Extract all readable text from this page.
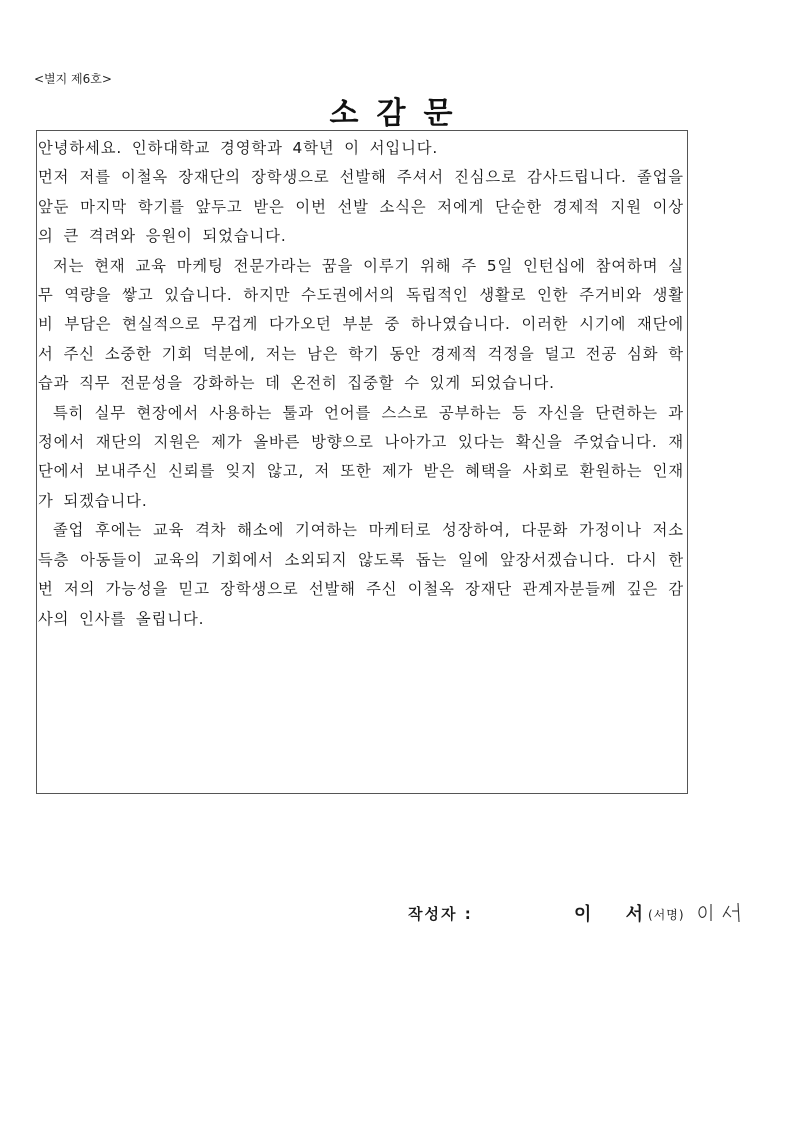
<별지 제6호>
소감문

안녕하세요. 인하대학교 경영학과 4학년 이 서입니다.

먼저 저를 이철옥 장재단의 장학생으로 선발해 주셔서 진심으로 감사드립니다. 졸업을 앞둔 마지막 학기를 앞두고 받은 이번 선발 소식은 저에게 단순한 경제적 지원 이상의 큰 격려와 응원이 되었습니다.

저는 현재 교육 마케팅 전문가라는 꿈을 이루기 위해 주 5일 인턴십에 참여하며 실무 역량을 쌓고 있습니다. 하지만 수도권에서의 독립적인 생활로 인한 주거비와 생활비 부담은 현실적으로 무겁게 다가오던 부분 중 하나였습니다. 이러한 시기에 재단에서 주신 소중한 기회 덕분에, 저는 남은 학기 동안 경제적 걱정을 덜고 전공 심화 학습과 직무 전문성을 강화하는 데 온전히 집중할 수 있게 되었습니다.

특히 실무 현장에서 사용하는 툴과 언어를 스스로 공부하는 등 자신을 단련하는 과정에서 재단의 지원은 제가 올바른 방향으로 나아가고 있다는 확신을 주었습니다. 재단에서 보내주신 신뢰를 잊지 않고, 저 또한 제가 받은 혜택을 사회로 환원하는 인재가 되겠습니다.

졸업 후에는 교육 격차 해소에 기여하는 마케터로 성장하여, 다문화 가정이나 저소득층 아동들이 교육의 기회에서 소외되지 않도록 돕는 일에 앞장서겠습니다. 다시 한번 저의 가능성을 믿고 장학생으로 선발해 주신 이철옥 장재단 관계자분들께 깊은 감사의 인사를 올립니다.

작성자 :	이 서
(서명)
